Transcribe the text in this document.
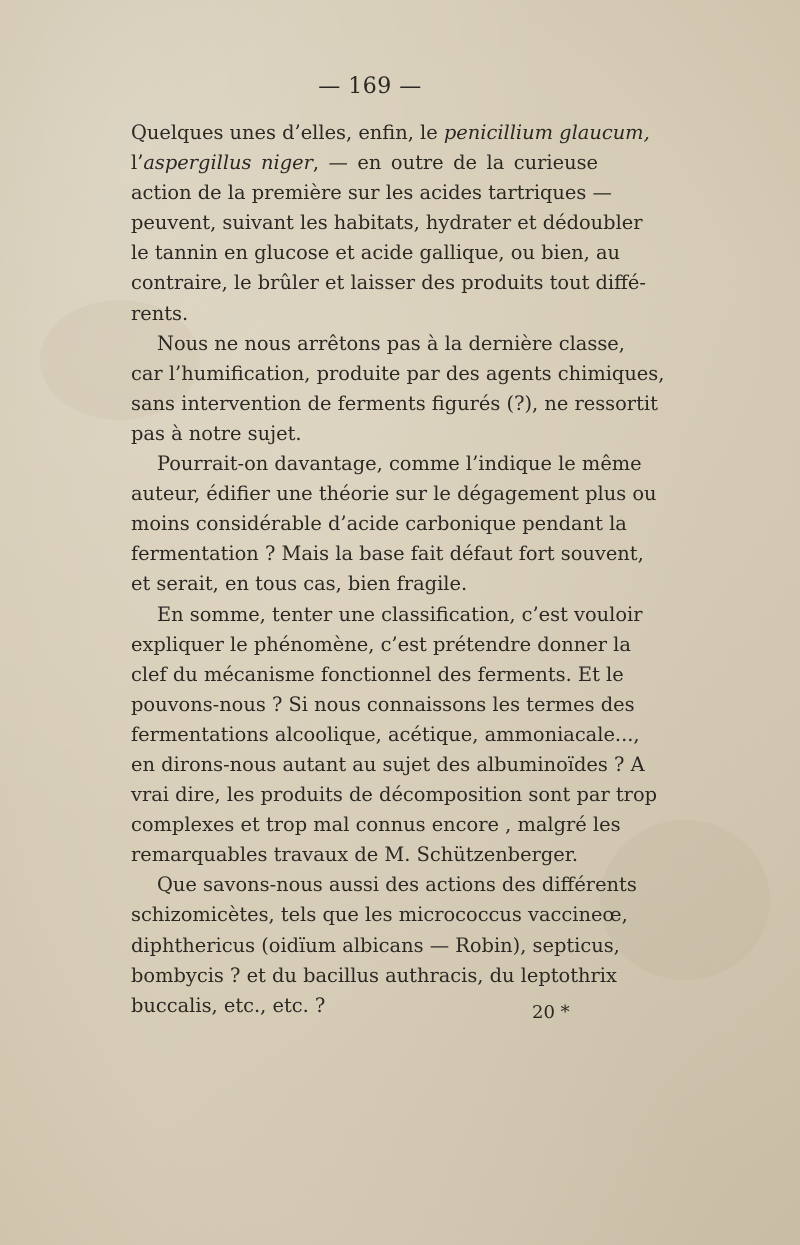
— 169 —
Quelques unes d’elles, enfin, le penicillium glaucum,
l’aspergillus niger, — en outre de la curieuse
action de la première sur les acides tartriques —
peuvent, suivant les habitats, hydrater et dédoubler
le tannin en glucose et acide gallique, ou bien, au
contraire, le brûler et laisser des produits tout diffé-
rents.
Nous ne nous arrêtons pas à la dernière classe,
car l’humification, produite par des agents chimiques,
sans intervention de ferments figurés (?), ne ressortit
pas à notre sujet.
Pourrait-on davantage, comme l’indique le même
auteur, édifier une théorie sur le dégagement plus ou
moins considérable d’acide carbonique pendant la
fermentation ? Mais la base fait défaut fort souvent,
et serait, en tous cas, bien fragile.
En somme, tenter une classification, c’est vouloir
expliquer le phénomène, c’est prétendre donner la
clef du mécanisme fonctionnel des ferments. Et le
pouvons-nous ? Si nous connaissons les termes des
fermentations alcoolique, acétique, ammoniacale...,
en dirons-nous autant au sujet des albuminoïdes ? A
vrai dire, les produits de décomposition sont par trop
complexes et trop mal connus encore , malgré les
remarquables travaux de M. Schützenberger.
Que savons-nous aussi des actions des différents
schizomicètes, tels que les micrococcus vaccineœ,
diphthericus (oidïum albicans — Robin), septicus,
bombycis ? et du bacillus authracis, du leptothrix
buccalis, etc., etc. ?	20 *
